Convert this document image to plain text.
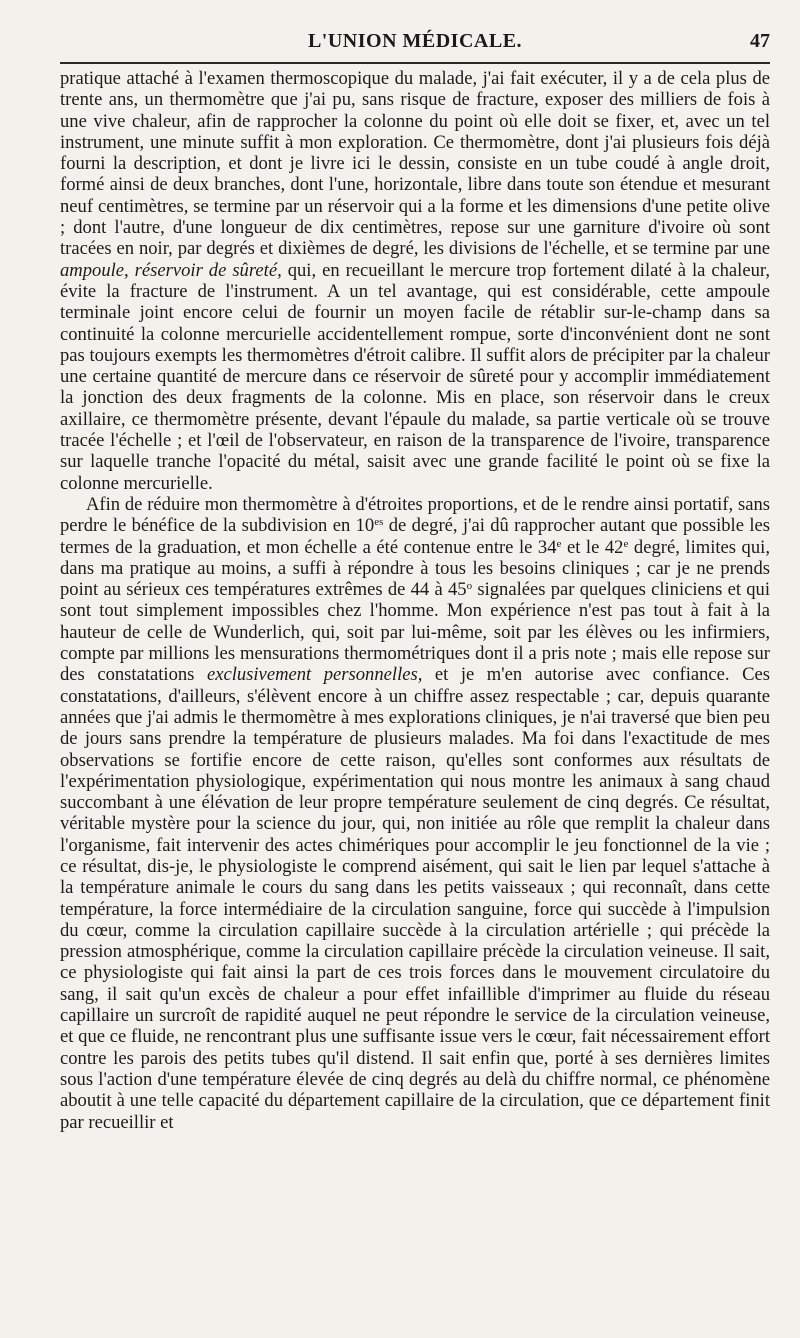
L'UNION MÉDICALE.	47

pratique attaché à l'examen thermoscopique du malade, j'ai fait exécuter, il y a de cela plus de trente ans, un thermomètre que j'ai pu, sans risque de fracture, exposer des milliers de fois à une vive chaleur, afin de rapprocher la colonne du point où elle doit se fixer, et, avec un tel instrument, une minute suffit à mon exploration. Ce thermomètre, dont j'ai plusieurs fois déjà fourni la description, et dont je livre ici le dessin, consiste en un tube coudé à angle droit, formé ainsi de deux branches, dont l'une, horizontale, libre dans toute son étendue et mesurant neuf centimètres, se termine par un réservoir qui a la forme et les dimensions d'une petite olive ; dont l'autre, d'une longueur de dix centimètres, repose sur une garniture d'ivoire où sont tracées en noir, par degrés et dixièmes de degré, les divisions de l'échelle, et se termine par une ampoule, réservoir de sûreté, qui, en recueillant le mercure trop fortement dilaté à la chaleur, évite la fracture de l'instrument. A un tel avantage, qui est considérable, cette ampoule terminale joint encore celui de fournir un moyen facile de rétablir sur-le-champ dans sa continuité la colonne mercurielle accidentellement rompue, sorte d'inconvénient dont ne sont pas toujours exempts les thermomètres d'étroit calibre. Il suffit alors de précipiter par la chaleur une certaine quantité de mercure dans ce réservoir de sûreté pour y accomplir immédiatement la jonction des deux fragments de la colonne. Mis en place, son réservoir dans le creux axillaire, ce thermomètre présente, devant l'épaule du malade, sa partie verticale où se trouve tracée l'échelle ; et l'œil de l'observateur, en raison de la transparence de l'ivoire, transparence sur laquelle tranche l'opacité du métal, saisit avec une grande facilité le point où se fixe la colonne mercurielle.

Afin de réduire mon thermomètre à d'étroites proportions, et de le rendre ainsi portatif, sans perdre le bénéfice de la subdivision en $10^{es}$ de degré, j'ai dû rapprocher autant que possible les termes de la graduation, et mon échelle a été contenue entre le 34e et le 42e degré, limites qui, dans ma pratique au moins, a suffi à répondre à tous les besoins cliniques ; car je ne prends point au sérieux ces températures extrêmes de 44 à 45$^o$ signalées par quelques cliniciens et qui sont tout simplement impossibles chez l'homme. Mon expérience n'est pas tout à fait à la hauteur de celle de Wunderlich, qui, soit par lui-même, soit par les élèves ou les infirmiers, compte par millions les mensurations thermométriques dont il a pris note ; mais elle repose sur des constatations exclusivement personnelles, et je m'en autorise avec confiance. Ces constatations, d'ailleurs, s'élèvent encore à un chiffre assez respectable ; car, depuis quarante années que j'ai admis le thermomètre à mes explorations cliniques, je n'ai traversé que bien peu de jours sans prendre la température de plusieurs malades. Ma foi dans l'exactitude de mes observations se fortifie encore de cette raison, qu'elles sont conformes aux résultats de l'expérimentation physiologique, expérimentation qui nous montre les animaux à sang chaud succombant à une élévation de leur propre température seulement de cinq degrés. Ce résultat, véritable mystère pour la science du jour, qui, non initiée au rôle que remplit la chaleur dans l'organisme, fait intervenir des actes chimériques pour accomplir le jeu fonctionnel de la vie ; ce résultat, dis-je, le physiologiste le comprend aisément, qui sait le lien par lequel s'attache à la température animale le cours du sang dans les petits vaisseaux ; qui reconnaît, dans cette température, la force intermédiaire de la circulation sanguine, force qui succède à l'impulsion du cœur, comme la circulation capillaire succède à la circulation artérielle ; qui précède la pression atmosphérique, comme la circulation capillaire précède la circulation veineuse. Il sait, ce physiologiste qui fait ainsi la part de ces trois forces dans le mouvement circulatoire du sang, il sait qu'un excès de chaleur a pour effet infaillible d'imprimer au fluide du réseau capillaire un surcroît de rapidité auquel ne peut répondre le service de la circulation veineuse, et que ce fluide, ne rencontrant plus une suffisante issue vers le cœur, fait nécessairement effort contre les parois des petits tubes qu'il distend. Il sait enfin que, porté à ses dernières limites sous l'action d'une température élevée de cinq degrés au delà du chiffre normal, ce phénomène aboutit à une telle capacité du département capillaire de la circulation, que ce département finit par recueillir et
